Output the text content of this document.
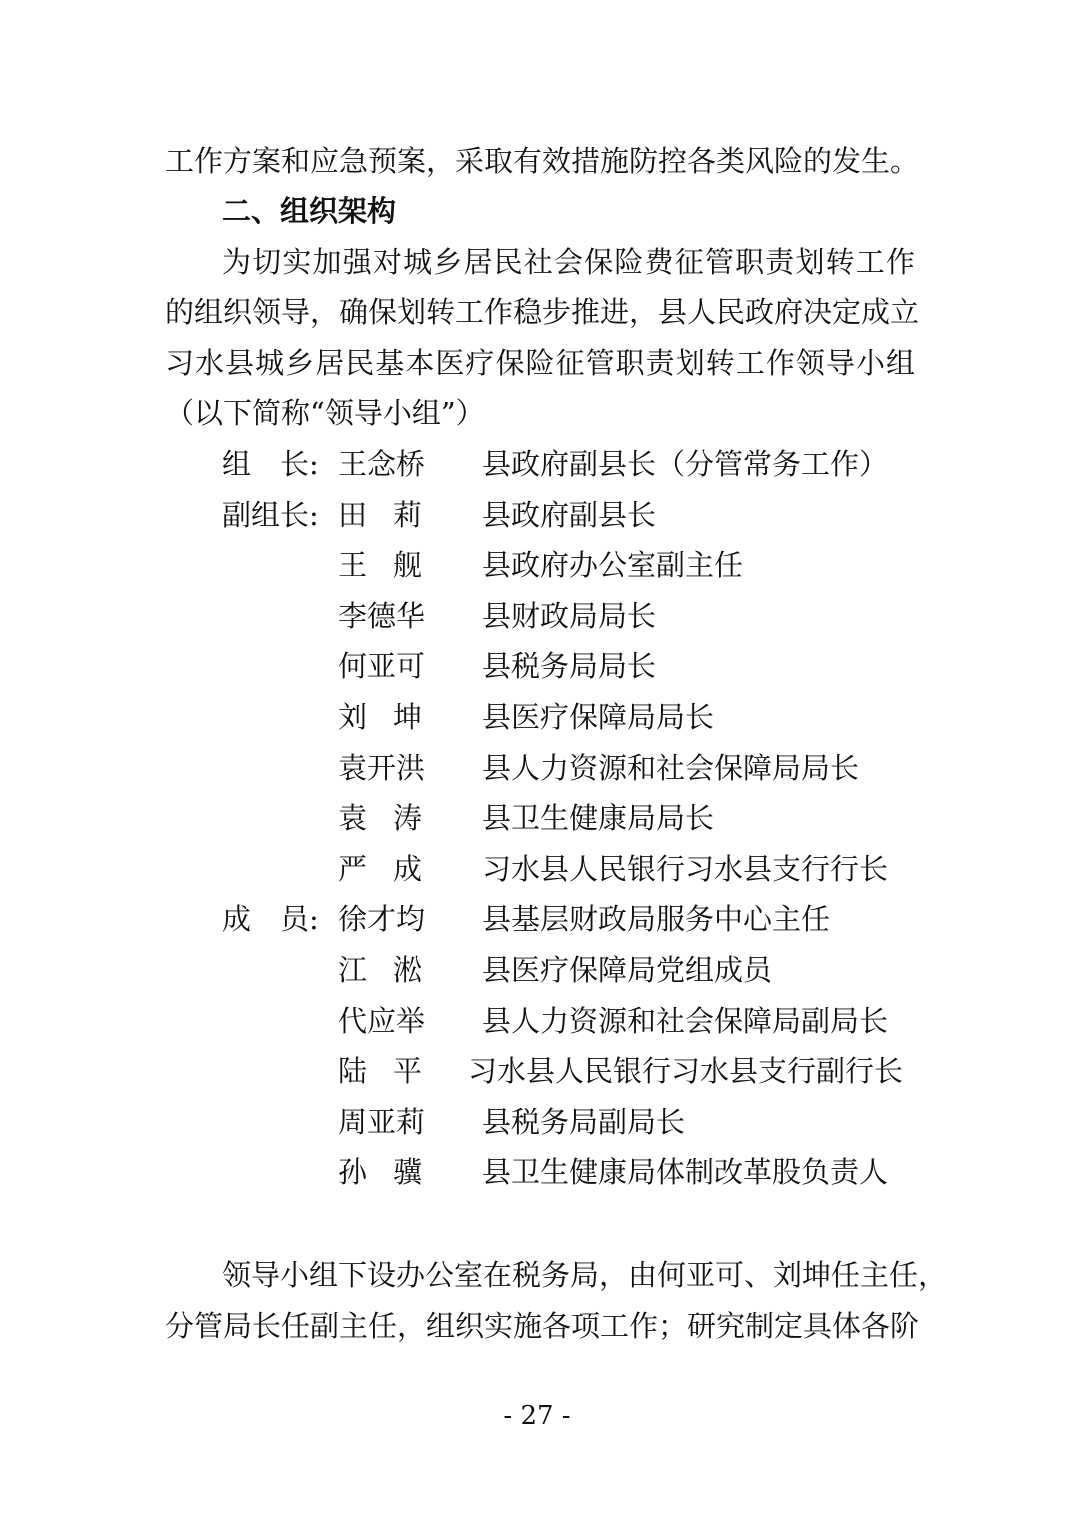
工作方案和应急预案，采取有效措施防控各类风险的发生。
二、组织架构
为切实加强对城乡居民社会保险费征管职责划转工作
的组织领导，确保划转工作稳步推进，县人民政府决定成立
习水县城乡居民基本医疗保险征管职责划转工作领导小组
（以下简称“领导小组”）
组　长: 王念桥 县政府副县长（分管常务工作）
副组长: 田莉 县政府副县长
王舰 县政府办公室副主任
李德华 县财政局局长
何亚可 县税务局局长
刘坤 县医疗保障局局长
袁开洪 县人力资源和社会保障局局长
袁涛 县卫生健康局局长
严成 习水县人民银行习水县支行行长
成　员: 徐才均 县基层财政局服务中心主任
江淞 县医疗保障局党组成员
代应举 县人力资源和社会保障局副局长
陆平 习水县人民银行习水县支行副行长
周亚莉 县税务局副局长
孙骥 县卫生健康局体制改革股负责人
领导小组下设办公室在税务局，由何亚可、刘坤任主任，
分管局长任副主任，组织实施各项工作；研究制定具体各阶
- 27 -
